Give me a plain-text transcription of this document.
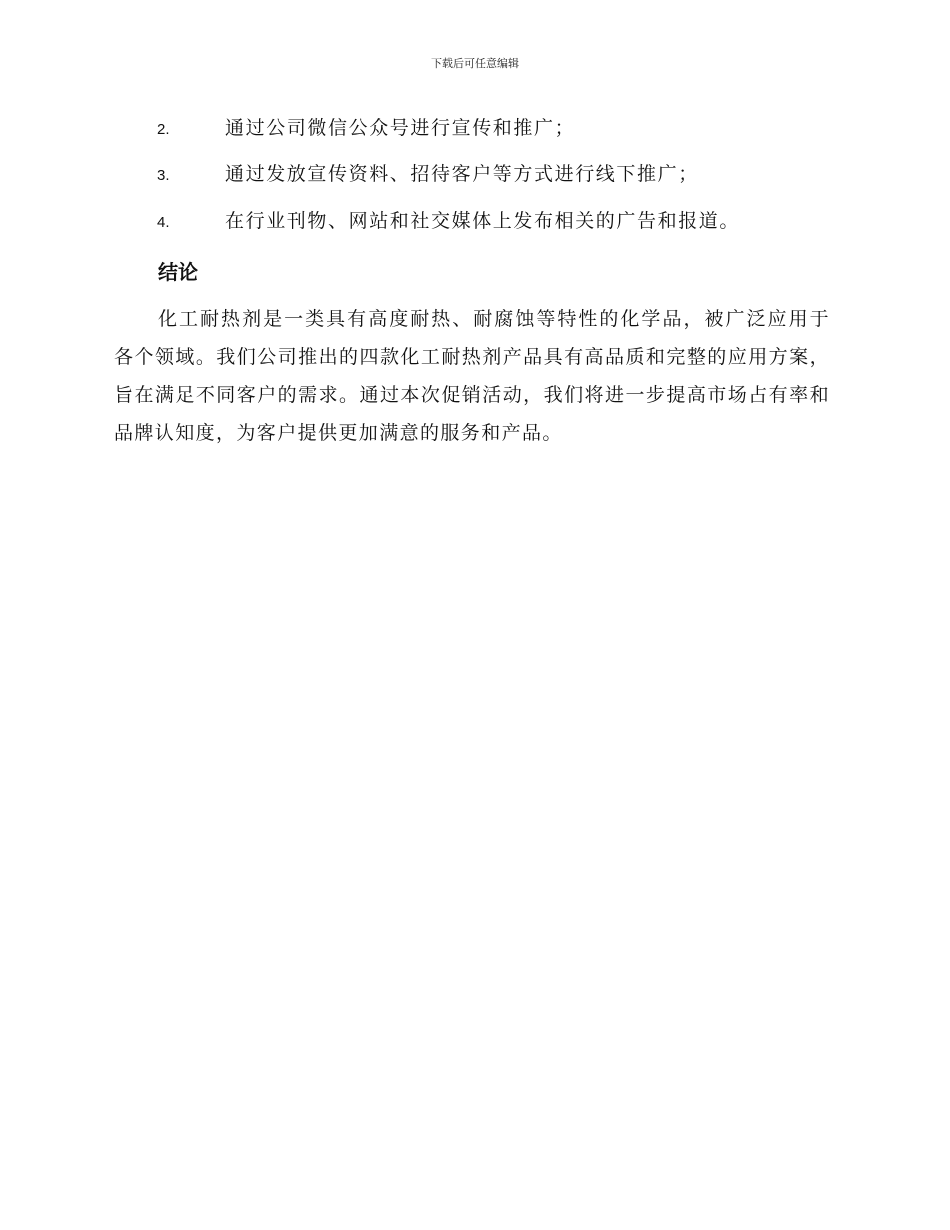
下载后可任意编辑
2.	通过公司微信公众号进行宣传和推广；
3.	通过发放宣传资料、招待客户等方式进行线下推广；
4.	在行业刊物、网站和社交媒体上发布相关的广告和报道。
结论
化工耐热剂是一类具有高度耐热、耐腐蚀等特性的化学品，被广泛应用于各个领域。我们公司推出的四款化工耐热剂产品具有高品质和完整的应用方案，旨在满足不同客户的需求。通过本次促销活动，我们将进一步提高市场占有率和品牌认知度，为客户提供更加满意的服务和产品。
